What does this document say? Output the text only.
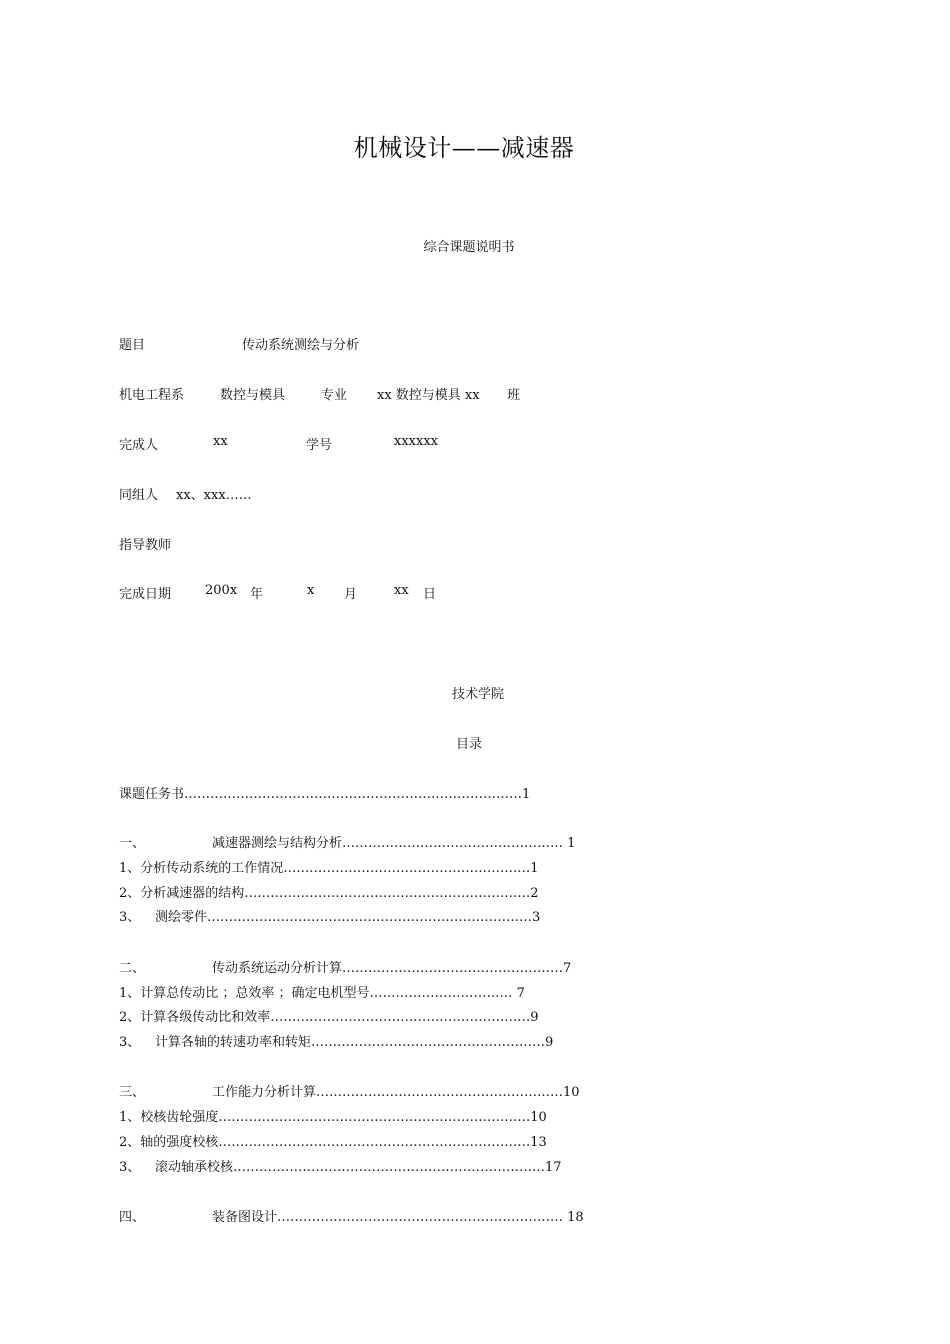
机械设计——减速器
综合课题说明书
题目	传动系统测绘与分析
机电工程系	数控与模具	专业 xx 数控与模具 xx 班
完成人	xx	学号	xxxxxx
同组人 xx、xxx……
指导教师
完成日期	200x 年	x 月	xx 日
技术学院
目录
课题任务书……………………………………………………………………1
一、	减速器测绘与结构分析…………………………………………… 1
1、分析传动系统的工作情况…………………………………………………1
2、分析减速器的结构…………………………………………………………2
3、 测绘零件…………………………………………………………………3
二、	传动系统运动分析计算……………………………………………7
1、计算总传动比 ；总效率 ；确定电机型号…………………………… 7
2、计算各级传动比和效率……………………………………………………9
3、 计算各轴的转速功率和转矩………………………………………………9
三、	工作能力分析计算…………………………………………………10
1、校核齿轮强度………………………………………………………………10
2、轴的强度校核………………………………………………………………13
3、 滚动轴承校核………………………………………………………………17
四、	装备图设计………………………………………………………… 18
